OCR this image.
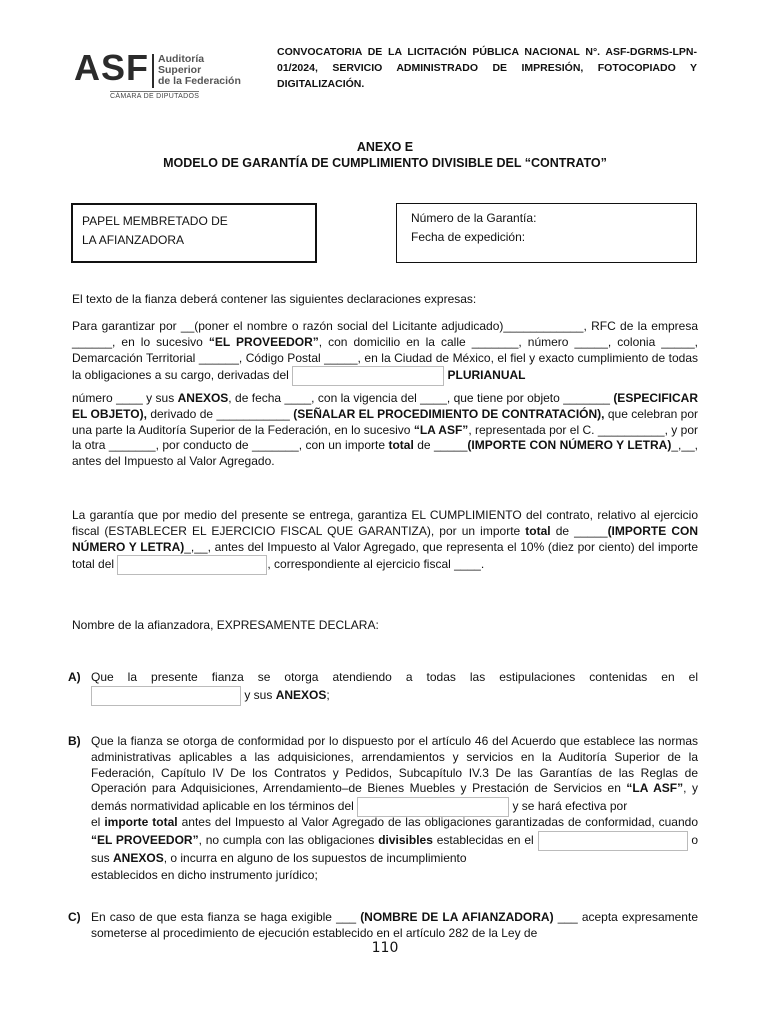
ASF Auditoría
Superior
de la Federación
CÁMARA DE DIPUTADOS
CONVOCATORIA DE LA LICITACIÓN PÚBLICA NACIONAL N°. ASF-DGRMS-LPN-01/2024, SERVICIO ADMINISTRADO DE IMPRESIÓN, FOTOCOPIADO Y DIGITALIZACIÓN.
ANEXO E
MODELO DE GARANTÍA DE CUMPLIMIENTO DIVISIBLE DEL “CONTRATO”
PAPEL MEMBRETADO DE
LA AFIANZADORA
Número de la Garantía:
Fecha de expedición:
El texto de la fianza deberá contener las siguientes declaraciones expresas:
Para garantizar por __(poner el nombre o razón social del Licitante adjudicado)____________, RFC de la empresa ______, en lo sucesivo “EL PROVEEDOR”, con domicilio en la calle _______, número _____, colonia _____, Demarcación Territorial ______, Código Postal _____, en la Ciudad de México, el fiel y exacto cumplimiento de todas la obligaciones a su cargo, derivadas del	PLURIANUAL
número ____ y sus ANEXOS, de fecha ____, con la vigencia del ____, que tiene por objeto _______ (ESPECIFICAR EL OBJETO), derivado de ___________ (SEÑALAR EL PROCEDIMIENTO DE CONTRATACIÓN), que celebran por una parte la Auditoría Superior de la Federación, en lo sucesivo “LA ASF”, representada por el C. __________, y por la otra _______, por conducto de _______, con un importe total de _____(IMPORTE CON NÚMERO Y LETRA)_,__, antes del Impuesto al Valor Agregado.
La garantía que por medio del presente se entrega, garantiza EL CUMPLIMIENTO del contrato, relativo al ejercicio fiscal (ESTABLECER EL EJERCICIO FISCAL QUE GARANTIZA), por un importe total de _____(IMPORTE CON NÚMERO Y LETRA)_,__, antes del Impuesto al Valor Agregado, que representa el 10% (diez por ciento) del importe total del	, correspondiente al ejercicio fiscal ____.
Nombre de la afianzadora, EXPRESAMENTE DECLARA:
A) Que la presente fianza se otorga atendiendo a todas las estipulaciones contenidas en el  y sus ANEXOS;
B) Que la fianza se otorga de conformidad por lo dispuesto por el artículo 46 del Acuerdo que establece las normas administrativas aplicables a las adquisiciones, arrendamientos y servicios en la Auditoría Superior de la Federación, Capítulo IV De los Contratos y Pedidos, Subcapítulo IV.3 De las Garantías de las Reglas de Operación para Adquisiciones, Arrendamiento–de Bienes Muebles y Prestación de Servicios en “LA ASF”, y demás normatividad aplicable en los términos del	y se hará efectiva por
el importe total antes del Impuesto al Valor Agregado de las obligaciones garantizadas de conformidad, cuando “EL PROVEEDOR”, no cumpla con las obligaciones divisibles establecidas en el	o sus ANEXOS, o incurra en alguno de los supuestos de incumplimiento
establecidos en dicho instrumento jurídico;
C) En caso de que esta fianza se haga exigible ___ (NOMBRE DE LA AFIANZADORA) ___ acepta expresamente someterse al procedimiento de ejecución establecido en el artículo 282 de la Ley de
110
